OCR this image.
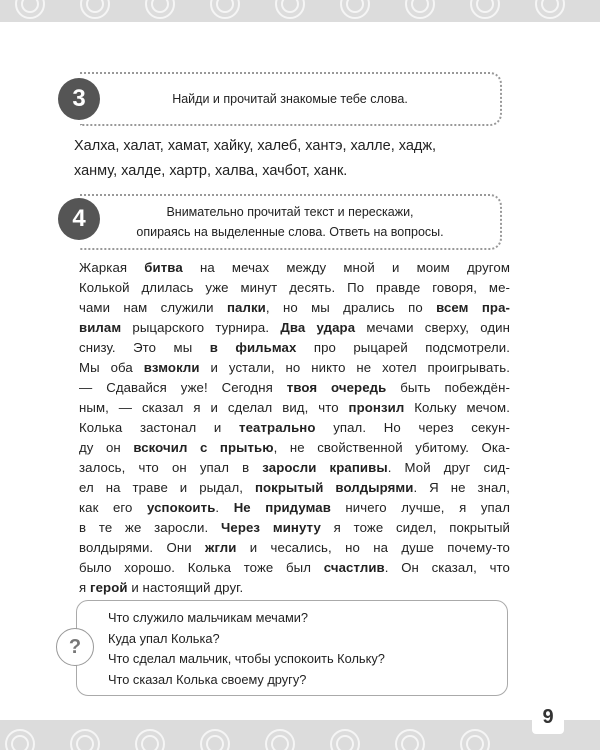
Найди и прочитай знакомые тебе слова.
3
Халха, халат, хамат, хайку, халеб, хантэ, халле, хадж,
ханму, халде, хартр, халва, хачбот, ханк.
Внимательно прочитай текст и перескажи,
опираясь на выделенные слова. Ответь на вопросы.
4
Жаркая битва на мечах между мной и моим другом
Колькой длилась уже минут десять. По правде говоря, ме-
чами нам служили палки, но мы дрались по всем пра-
вилам рыцарского турнира. Два удара мечами сверху, один
снизу. Это мы в фильмах про рыцарей подсмотрели.
Мы оба взмокли и устали, но никто не хотел проигрывать.
— Сдавайся уже! Сегодня твоя очередь быть побеждён-
ным, — сказал я и сделал вид, что пронзил Кольку мечом.
Колька застонал и театрально упал. Но через секун-
ду он вскочил с прытью, не свойственной убитому. Ока-
залось, что он упал в заросли крапивы. Мой друг сид-
ел на траве и рыдал, покрытый волдырями. Я не знал,
как его успокоить. Не придумав ничего лучше, я упал
в те же заросли. Через минуту я тоже сидел, покрытый
волдырями. Они жгли и чесались, но на душе почему-то
было хорошо. Колька тоже был счастлив. Он сказал, что
я герой и настоящий друг.
?
Что служило мальчикам мечами?
Куда упал Колька?
Что сделал мальчик, чтобы успокоить Кольку?
Что сказал Колька своему другу?
9
